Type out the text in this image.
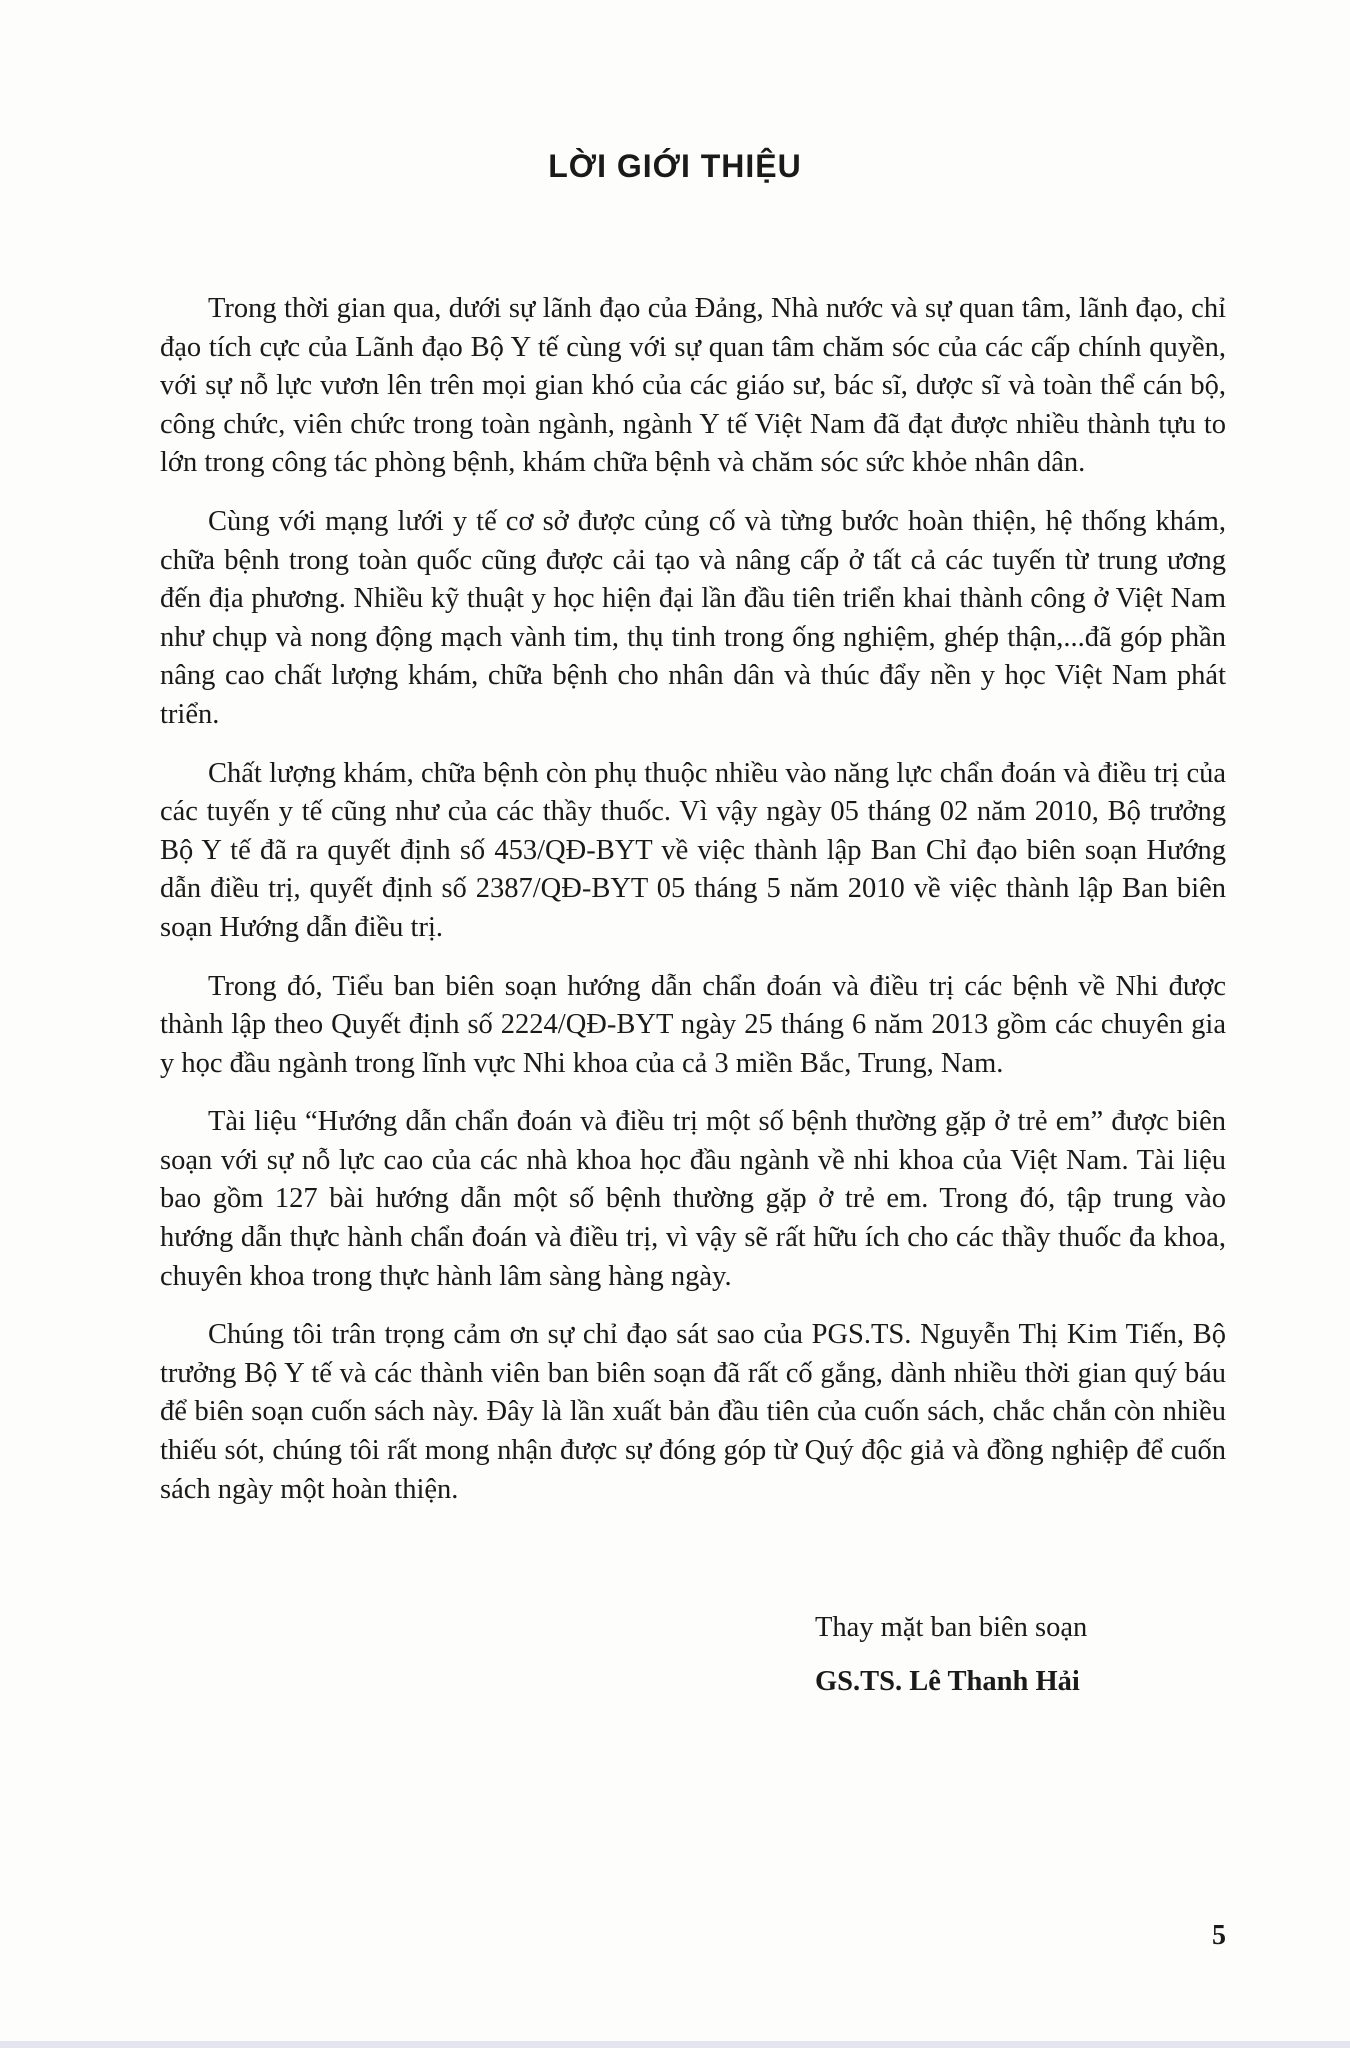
LỜI GIỚI THIỆU

Trong thời gian qua, dưới sự lãnh đạo của Đảng, Nhà nước và sự quan tâm, lãnh đạo, chỉ đạo tích cực của Lãnh đạo Bộ Y tế cùng với sự quan tâm chăm sóc của các cấp chính quyền, với sự nỗ lực vươn lên trên mọi gian khó của các giáo sư, bác sĩ, dược sĩ và toàn thể cán bộ, công chức, viên chức trong toàn ngành, ngành Y tế Việt Nam đã đạt được nhiều thành tựu to lớn trong công tác phòng bệnh, khám chữa bệnh và chăm sóc sức khỏe nhân dân.

Cùng với mạng lưới y tế cơ sở được củng cố và từng bước hoàn thiện, hệ thống khám, chữa bệnh trong toàn quốc cũng được cải tạo và nâng cấp ở tất cả các tuyến từ trung ương đến địa phương. Nhiều kỹ thuật y học hiện đại lần đầu tiên triển khai thành công ở Việt Nam như chụp và nong động mạch vành tim, thụ tinh trong ống nghiệm, ghép thận,...đã góp phần nâng cao chất lượng khám, chữa bệnh cho nhân dân và thúc đẩy nền y học Việt Nam phát triển.

Chất lượng khám, chữa bệnh còn phụ thuộc nhiều vào năng lực chẩn đoán và điều trị của các tuyến y tế cũng như của các thầy thuốc. Vì vậy ngày 05 tháng 02 năm 2010, Bộ trưởng Bộ Y tế đã ra quyết định số 453/QĐ-BYT về việc thành lập Ban Chỉ đạo biên soạn Hướng dẫn điều trị, quyết định số 2387/QĐ-BYT 05 tháng 5 năm 2010 về việc thành lập Ban biên soạn Hướng dẫn điều trị.

Trong đó, Tiểu ban biên soạn hướng dẫn chẩn đoán và điều trị các bệnh về Nhi được thành lập theo Quyết định số 2224/QĐ-BYT ngày 25 tháng 6 năm 2013 gồm các chuyên gia y học đầu ngành trong lĩnh vực Nhi khoa của cả 3 miền Bắc, Trung, Nam.

Tài liệu “Hướng dẫn chẩn đoán và điều trị một số bệnh thường gặp ở trẻ em” được biên soạn với sự nỗ lực cao của các nhà khoa học đầu ngành về nhi khoa của Việt Nam. Tài liệu bao gồm 127 bài hướng dẫn một số bệnh thường gặp ở trẻ em. Trong đó, tập trung vào hướng dẫn thực hành chẩn đoán và điều trị, vì vậy sẽ rất hữu ích cho các thầy thuốc đa khoa, chuyên khoa trong thực hành lâm sàng hàng ngày.

Chúng tôi trân trọng cảm ơn sự chỉ đạo sát sao của PGS.TS. Nguyễn Thị Kim Tiến, Bộ trưởng Bộ Y tế và các thành viên ban biên soạn đã rất cố gắng, dành nhiều thời gian quý báu để biên soạn cuốn sách này. Đây là lần xuất bản đầu tiên của cuốn sách, chắc chắn còn nhiều thiếu sót, chúng tôi rất mong nhận được sự đóng góp từ Quý độc giả và đồng nghiệp để cuốn sách ngày một hoàn thiện.

Thay mặt ban biên soạn
GS.TS. Lê Thanh Hải
5
